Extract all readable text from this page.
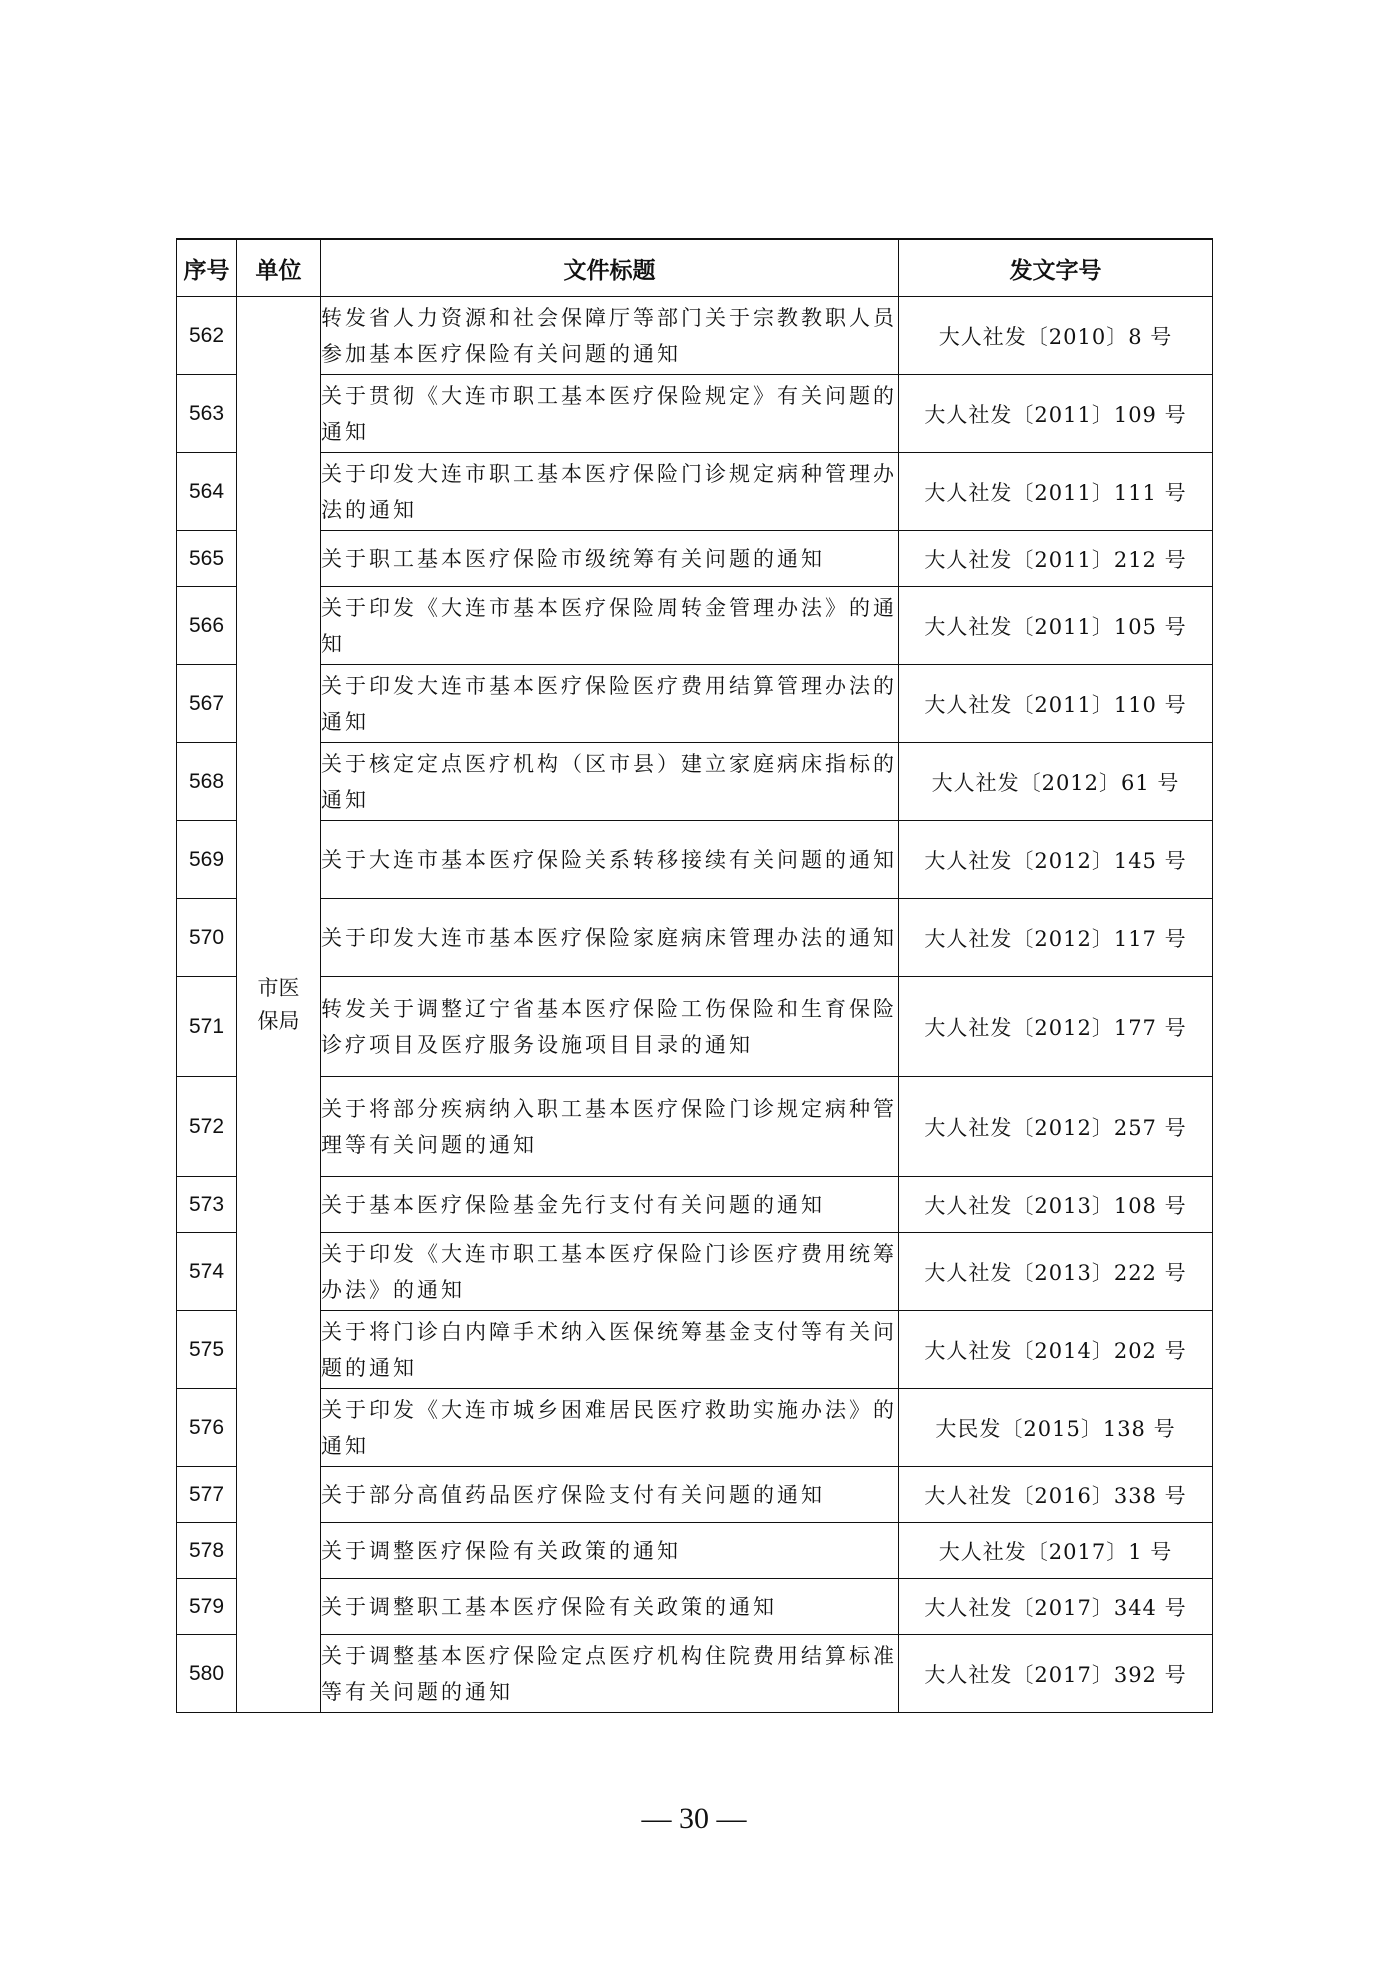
序号	单位	文件标题	发文字号
562	市医保局	转发省人力资源和社会保障厅等部门关于宗教教职人员参加基本医疗保险有关问题的通知	大人社发〔2010〕8 号
563		关于贯彻《大连市职工基本医疗保险规定》有关问题的通知	大人社发〔2011〕109 号
564		关于印发大连市职工基本医疗保险门诊规定病种管理办法的通知	大人社发〔2011〕111 号
565		关于职工基本医疗保险市级统筹有关问题的通知	大人社发〔2011〕212 号
566		关于印发《大连市基本医疗保险周转金管理办法》的通知	大人社发〔2011〕105 号
567		关于印发大连市基本医疗保险医疗费用结算管理办法的通知	大人社发〔2011〕110 号
568		关于核定定点医疗机构（区市县）建立家庭病床指标的通知	大人社发〔2012〕61 号
569		关于大连市基本医疗保险关系转移接续有关问题的通知	大人社发〔2012〕145 号
570		关于印发大连市基本医疗保险家庭病床管理办法的通知	大人社发〔2012〕117 号
571		转发关于调整辽宁省基本医疗保险工伤保险和生育保险诊疗项目及医疗服务设施项目目录的通知	大人社发〔2012〕177 号
572		关于将部分疾病纳入职工基本医疗保险门诊规定病种管理等有关问题的通知	大人社发〔2012〕257 号
573		关于基本医疗保险基金先行支付有关问题的通知	大人社发〔2013〕108 号
574		关于印发《大连市职工基本医疗保险门诊医疗费用统筹办法》的通知	大人社发〔2013〕222 号
575		关于将门诊白内障手术纳入医保统筹基金支付等有关问题的通知	大人社发〔2014〕202 号
576		关于印发《大连市城乡困难居民医疗救助实施办法》的通知	大民发〔2015〕138 号
577		关于部分高值药品医疗保险支付有关问题的通知	大人社发〔2016〕338 号
578		关于调整医疗保险有关政策的通知	大人社发〔2017〕1 号
579		关于调整职工基本医疗保险有关政策的通知	大人社发〔2017〕344 号
580		关于调整基本医疗保险定点医疗机构住院费用结算标准等有关问题的通知	大人社发〔2017〕392 号
— 30 —
